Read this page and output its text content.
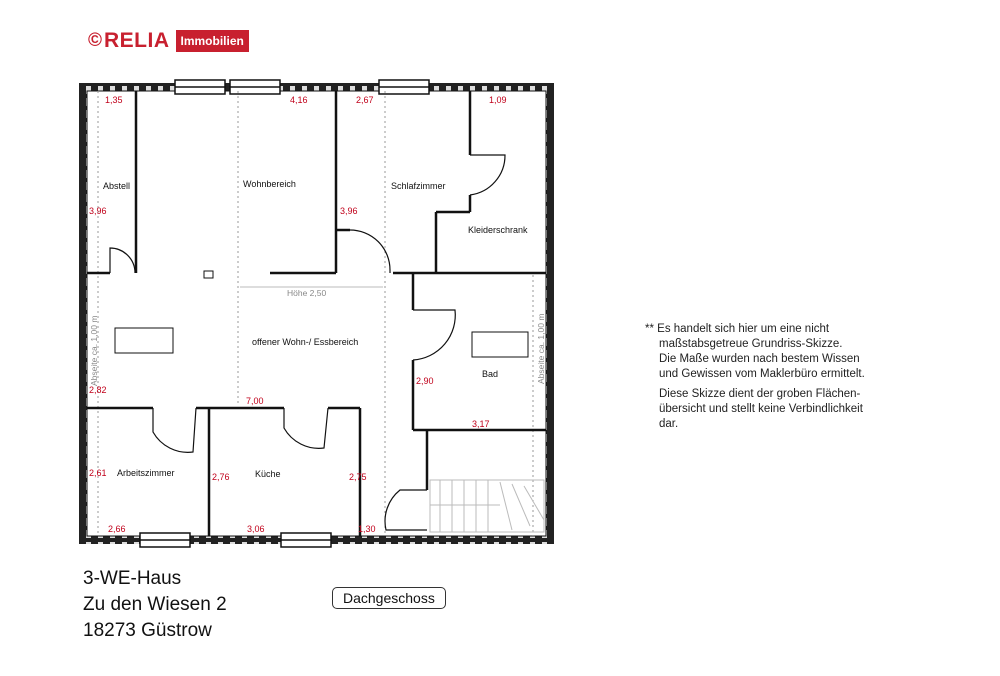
© RELIA Immobilien
Abstell	Wohnbereich	Schlafzimmer
Kleiderschrank
offener Wohn-/ Essbereich
Bad
Arbeitszimmer	Küche
1,35	4,16	2,67	1,09
3,96	3,96
2,82
7,00
2,90
3,17
2,61	2,76	2,75
2,66	3,06	1,30
Höhe 2,50
Abseite ca. 1,00 m	Abseite ca. 1,00 m	** Es handelt sich hier um eine nicht
maßstabsgetreue Grundriss-Skizze.
Die Maße wurden nach bestem Wissen
und Gewissen vom Maklerbüro ermittelt.
Diese Skizze dient der groben Flächen-
übersicht und stellt keine Verbindlichkeit
dar.
3-WE-Haus
Zu den Wiesen 2
18273 Güstrow
Dachgeschoss
